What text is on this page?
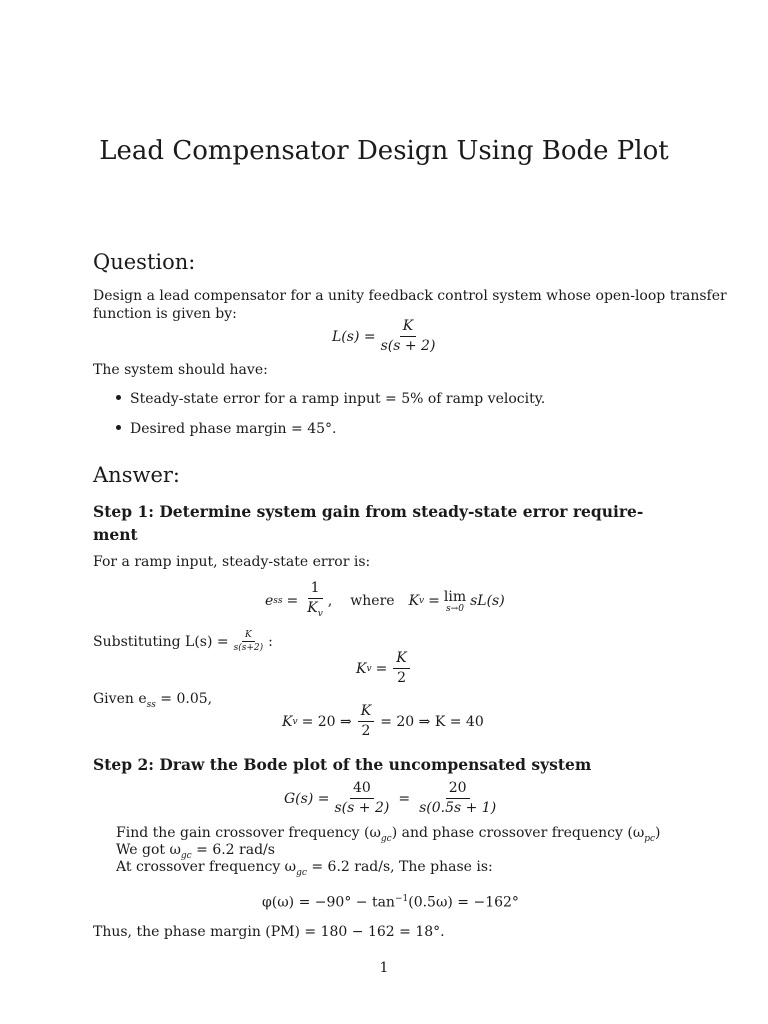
Lead Compensator Design Using Bode Plot
Question:
Design a lead compensator for a unity feedback control system whose open-loop transfer
function is given by:
$L(s) = \frac{K}{s(s + 2)}$
The system should have:
Steady-state error for a ramp input = 5% of ramp velocity.
Desired phase margin = 45°.
Answer:
Step 1: Determine system gain from steady-state error require-
ment
For a ramp input, steady-state error is:
e ss = $\frac{1}{K_v}$ , where K v = lim
s→0 sL(s)
Substituting $L(s) = \frac{K}{s(s+2)}$ :
K $v = \frac{K}{2}$
Given $e_{ss} = 0.05$,
K v = 20 ⇒ $\frac{K}{2} = 20$ ⇒ K = 40
Step 2: Draw the Bode plot of the uncompensated system
$G(s) = \frac{40}{s(s + 2)} = \frac{20}{s(0.5s + 1)}$
Find the gain crossover frequency $(\omega_{gc})$ and phase crossover frequency $(\omega_{pc})$
We got $\omega_{gc} = 6.2$ rad/s
At crossover frequency $\omega_{gc} = 6.2$ rad/s, The phase is:
$\varphi(\omega) = -90^\circ - \tan^{-1}(0.5\omega) = -162^\circ$
Thus, the phase margin (PM) = 180 − 162 = 18°.
1
